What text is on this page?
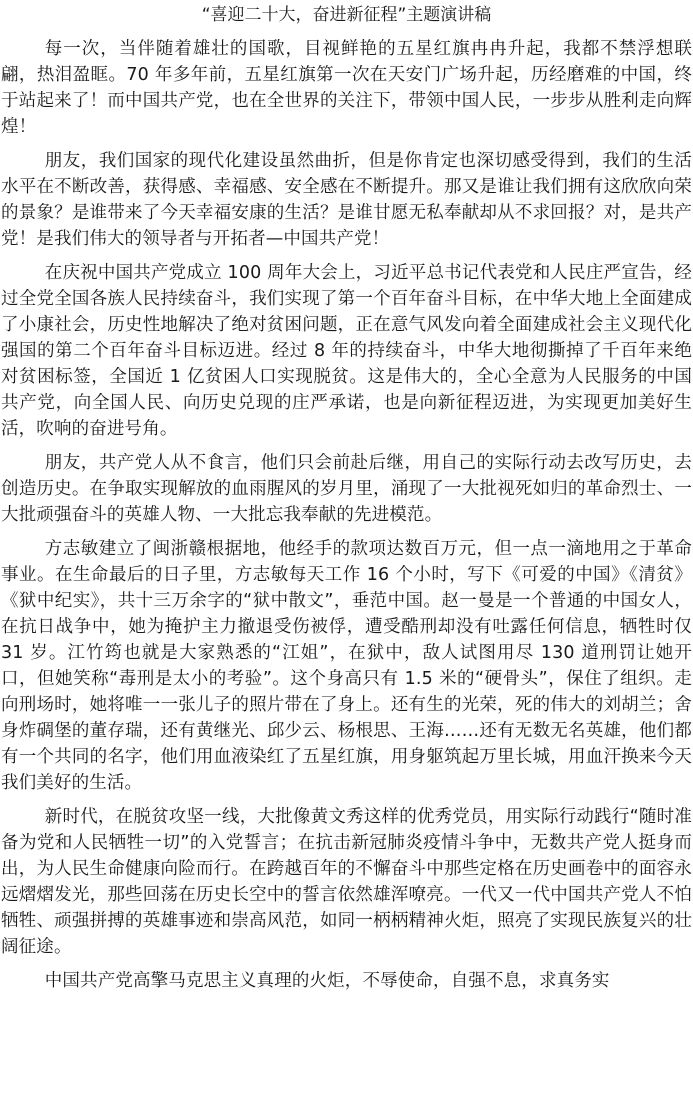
“喜迎二十大，奋进新征程”主题演讲稿

每一次，当伴随着雄壮的国歌，目视鲜艳的五星红旗冉冉升起，我都不禁浮想联翩，热泪盈眶。70 年多年前，五星红旗第一次在天安门广场升起，历经磨难的中国，终于站起来了！而中国共产党，也在全世界的关注下，带领中国人民，一步步从胜利走向辉煌！

朋友，我们国家的现代化建设虽然曲折，但是你肯定也深切感受得到，我们的生活水平在不断改善，获得感、幸福感、安全感在不断提升。那又是谁让我们拥有这欣欣向荣的景象？是谁带来了今天幸福安康的生活？是谁甘愿无私奉献却从不求回报？对，是共产党！是我们伟大的领导者与开拓者—中国共产党！

在庆祝中国共产党成立 100 周年大会上，习近平总书记代表党和人民庄严宣告，经过全党全国各族人民持续奋斗，我们实现了第一个百年奋斗目标，在中华大地上全面建成了小康社会，历史性地解决了绝对贫困问题，正在意气风发向着全面建成社会主义现代化强国的第二个百年奋斗目标迈进。经过 8 年的持续奋斗，中华大地彻撕掉了千百年来绝对贫困标签，全国近 1 亿贫困人口实现脱贫。这是伟大的，全心全意为人民服务的中国共产党，向全国人民、向历史兑现的庄严承诺，也是向新征程迈进，为实现更加美好生活，吹响的奋进号角。

朋友，共产党人从不食言，他们只会前赴后继，用自己的实际行动去改写历史，去创造历史。在争取实现解放的血雨腥风的岁月里，涌现了一大批视死如归的革命烈士、一大批顽强奋斗的英雄人物、一大批忘我奉献的先进模范。

方志敏建立了闽浙赣根据地，他经手的款项达数百万元，但一点一滴地用之于革命事业。在生命最后的日子里，方志敏每天工作 16 个小时，写下《可爱的中国》《清贫》《狱中纪实》，共十三万余字的“狱中散文”，垂范中国。赵一曼是一个普通的中国女人，在抗日战争中，她为掩护主力撤退受伤被俘，遭受酷刑却没有吐露任何信息，牺牲时仅 31 岁。江竹筠也就是大家熟悉的“江姐”，在狱中，敌人试图用尽 130 道刑罚让她开口，但她笑称“毒刑是太小的考验”。这个身高只有 1.5 米的“硬骨头”，保住了组织。走向刑场时，她将唯一一张儿子的照片带在了身上。还有生的光荣，死的伟大的刘胡兰；舍身炸碉堡的董存瑞，还有黄继光、邱少云、杨根思、王海……还有无数无名英雄，他们都有一个共同的名字，他们用血液染红了五星红旗，用身躯筑起万里长城，用血汗换来今天我们美好的生活。

新时代，在脱贫攻坚一线，大批像黄文秀这样的优秀党员，用实际行动践行“随时准备为党和人民牺牲一切”的入党誓言；在抗击新冠肺炎疫情斗争中，无数共产党人挺身而出，为人民生命健康向险而行。在跨越百年的不懈奋斗中那些定格在历史画卷中的面容永远熠熠发光，那些回荡在历史长空中的誓言依然雄浑嘹亮。一代又一代中国共产党人不怕牺牲、顽强拼搏的英雄事迹和崇高风范，如同一柄柄精神火炬，照亮了实现民族复兴的壮阔征途。

中国共产党高擎马克思主义真理的火炬，不辱使命，自强不息，求真务实
